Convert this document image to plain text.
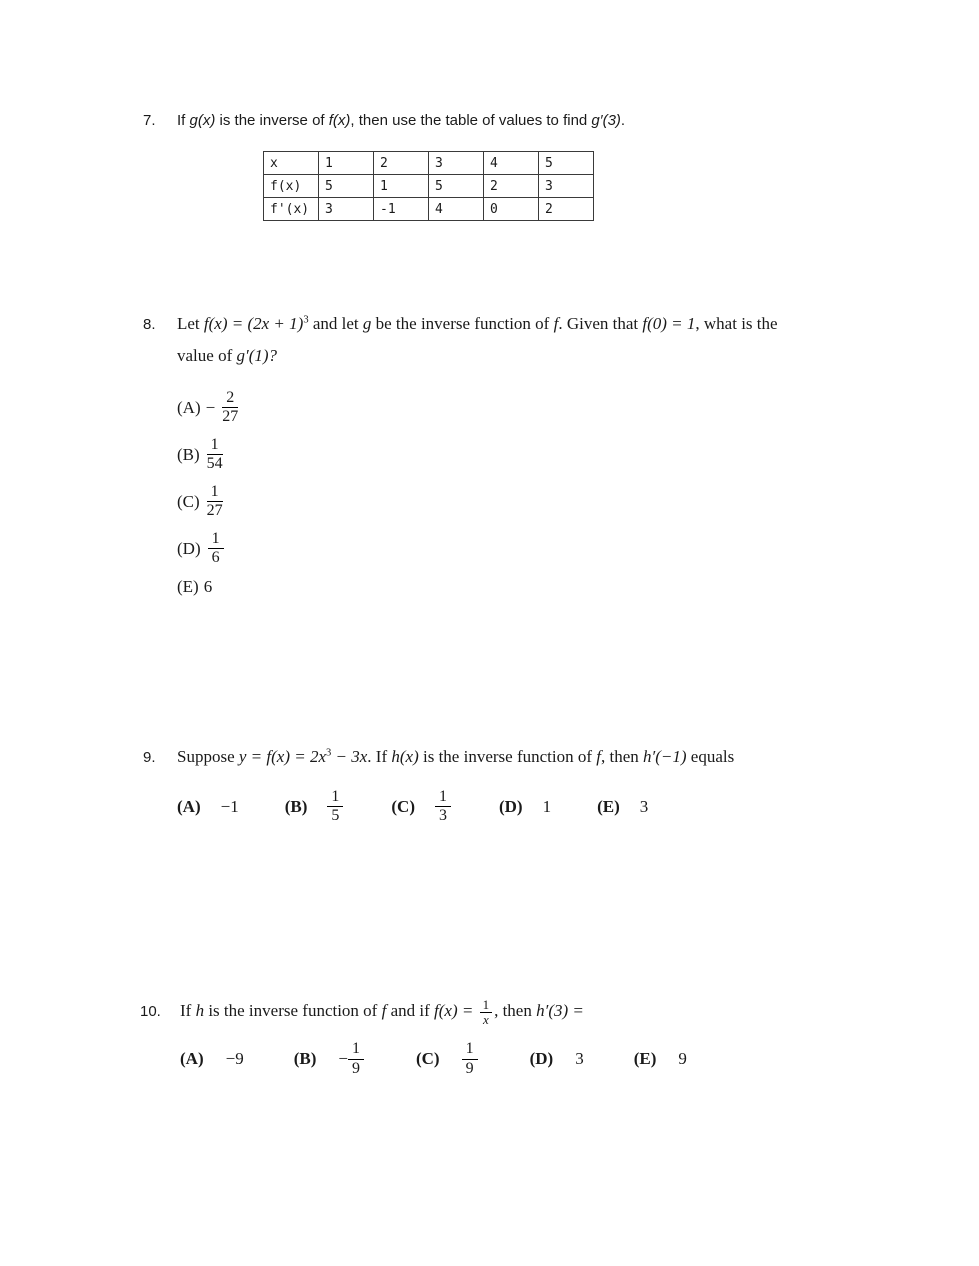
7.	If g(x) is the inverse of f(x), then use the table of values to find g′(3).
x	1	2	3	4	5
f(x)	5	1	5	2	3
f'(x)	3	-1	4	0	2
8.	Let $f(x) = (2x + 1)^3$ and let g be the inverse function of f. Given that f(0) = 1, what is the
value of g′(1)?
$(A) - \frac{2}{27}$
$(B) \frac{1}{54}$
$(C) \frac{1}{27}$
$(D) \frac{1}{6}$
(E) 6
9.	Suppose $y = f(x) = 2x^3 - 3x$. If h(x) is the inverse function of f, then h′(−1) equals
(A) −1	$(B) \frac{1}{5}$	$(C) \frac{1}{3}$	(D) 1	(E) 3
10.	If h is the inverse function of f and if $f(x) = \frac{1}{x}$ , then h′(3) =
(A) −9	$(B) - \frac{1}{9}$	$(C) \frac{1}{9}$	(D) 3	(E) 9
